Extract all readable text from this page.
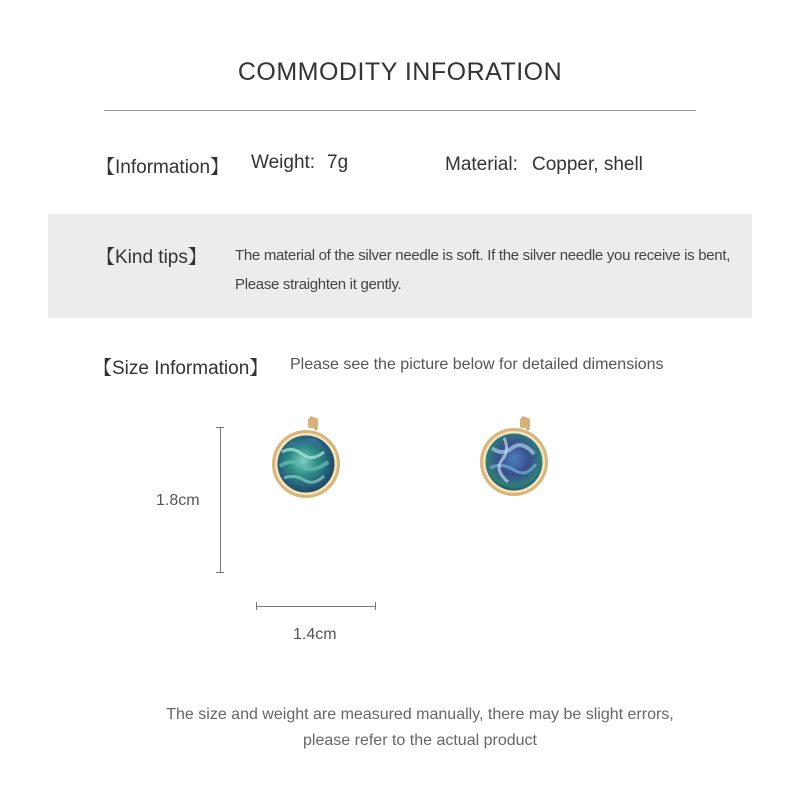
COMMODITY INFORATION
【Information】 Weight: 7g	Material: Copper, shell
【Kind tips】 The material of the silver needle is soft. If the silver needle you receive is bent,
Please straighten it gently.
【Size Information】 Please see the picture below for detailed dimensions
1.8cm
1.4cm
The size and weight are measured manually, there may be slight errors,
please refer to the actual product
